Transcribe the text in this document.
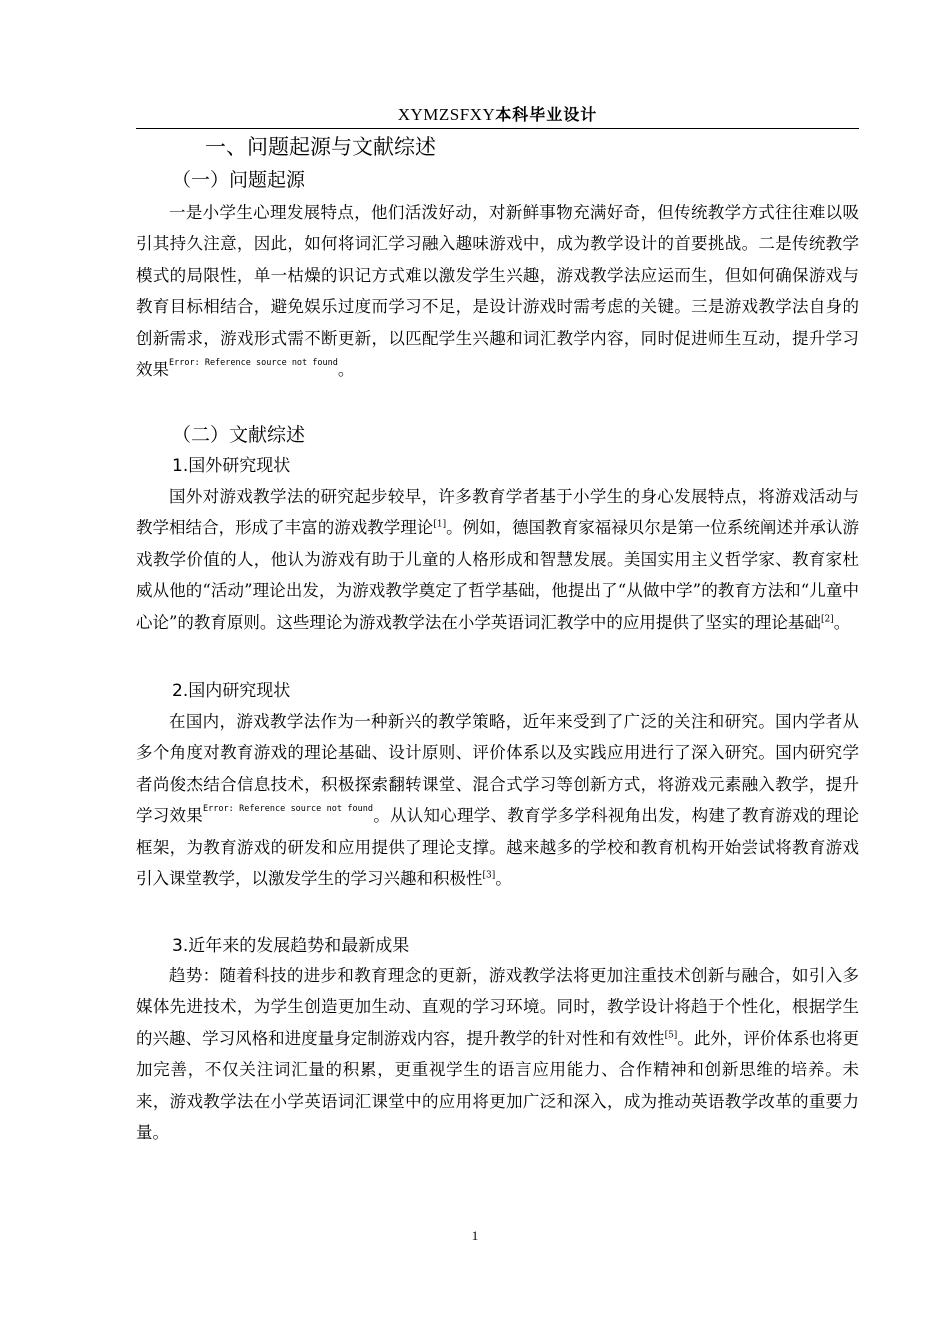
XYMZSFXY本科毕业设计
一、问题起源与文献综述
（一）问题起源
一是小学生心理发展特点，他们活泼好动，对新鲜事物充满好奇，但传统教学方式往往难以吸引其持久注意，因此，如何将词汇学习融入趣味游戏中，成为教学设计的首要挑战。二是传统教学模式的局限性，单一枯燥的识记方式难以激发学生兴趣，游戏教学法应运而生，但如何确保游戏与教育目标相结合，避免娱乐过度而学习不足，是设计游戏时需考虑的关键。三是游戏教学法自身的创新需求，游戏形式需不断更新，以匹配学生兴趣和词汇教学内容，同时促进师生互动，提升学习效果$^{Error: Reference source not found}$。
（二）文献综述
1.国外研究现状
国外对游戏教学法的研究起步较早，许多教育学者基于小学生的身心发展特点，将游戏活动与教学相结合，形成了丰富的游戏教学理论[1]。例如，德国教育家福禄贝尔是第一位系统阐述并承认游戏教学价值的人，他认为游戏有助于儿童的人格形成和智慧发展。美国实用主义哲学家、教育家杜威从他的“活动”理论出发，为游戏教学奠定了哲学基础，他提出了“从做中学”的教育方法和“儿童中心论”的教育原则。这些理论为游戏教学法在小学英语词汇教学中的应用提供了坚实的理论基础[2]。
2.国内研究现状
在国内，游戏教学法作为一种新兴的教学策略，近年来受到了广泛的关注和研究。国内学者从多个角度对教育游戏的理论基础、设计原则、评价体系以及实践应用进行了深入研究。国内研究学者尚俊杰结合信息技术，积极探索翻转课堂、混合式学习等创新方式，将游戏元素融入教学，提升学习效果$^{Error: Reference source not found}$。从认知心理学、教育学多学科视角出发，构建了教育游戏的理论框架，为教育游戏的研发和应用提供了理论支撑。越来越多的学校和教育机构开始尝试将教育游戏引入课堂教学，以激发学生的学习兴趣和积极性[3]。
3.近年来的发展趋势和最新成果
趋势：随着科技的进步和教育理念的更新，游戏教学法将更加注重技术创新与融合，如引入多媒体先进技术，为学生创造更加生动、直观的学习环境。同时，教学设计将趋于个性化，根据学生的兴趣、学习风格和进度量身定制游戏内容，提升教学的针对性和有效性[5]。此外，评价体系也将更加完善，不仅关注词汇量的积累，更重视学生的语言应用能力、合作精神和创新思维的培养。未来，游戏教学法在小学英语词汇课堂中的应用将更加广泛和深入，成为推动英语教学改革的重要力量。
1
